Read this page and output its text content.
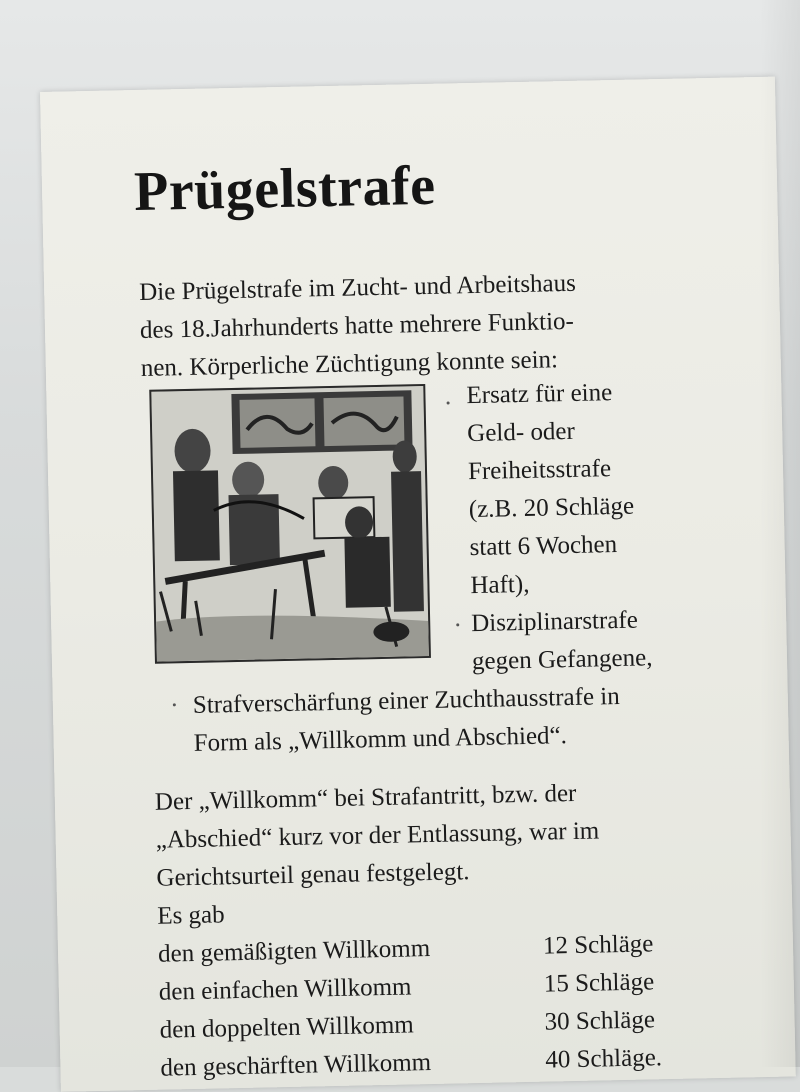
Prügelstrafe
Die Prügelstrafe im Zucht- und Arbeitshaus
des 18.Jahrhunderts hatte mehrere Funktio-
nen. Körperliche Züchtigung konnte sein:
Ersatz für eine
Geld- oder
Freiheitsstrafe
(z.B. 20 Schläge
statt 6 Wochen
Haft),
Disziplinarstrafe
gegen Gefangene,
Strafverschärfung einer Zuchthausstrafe in
Form als „Willkomm und Abschied“.
Der „Willkomm“ bei Strafantritt, bzw. der
„Abschied“ kurz vor der Entlassung, war im
Gerichtsurteil genau festgelegt.
Es gab
den gemäßigten Willkomm	12 Schläge
den einfachen Willkomm	15 Schläge
den doppelten Willkomm	30 Schläge
den geschärften Willkomm	40 Schläge.
